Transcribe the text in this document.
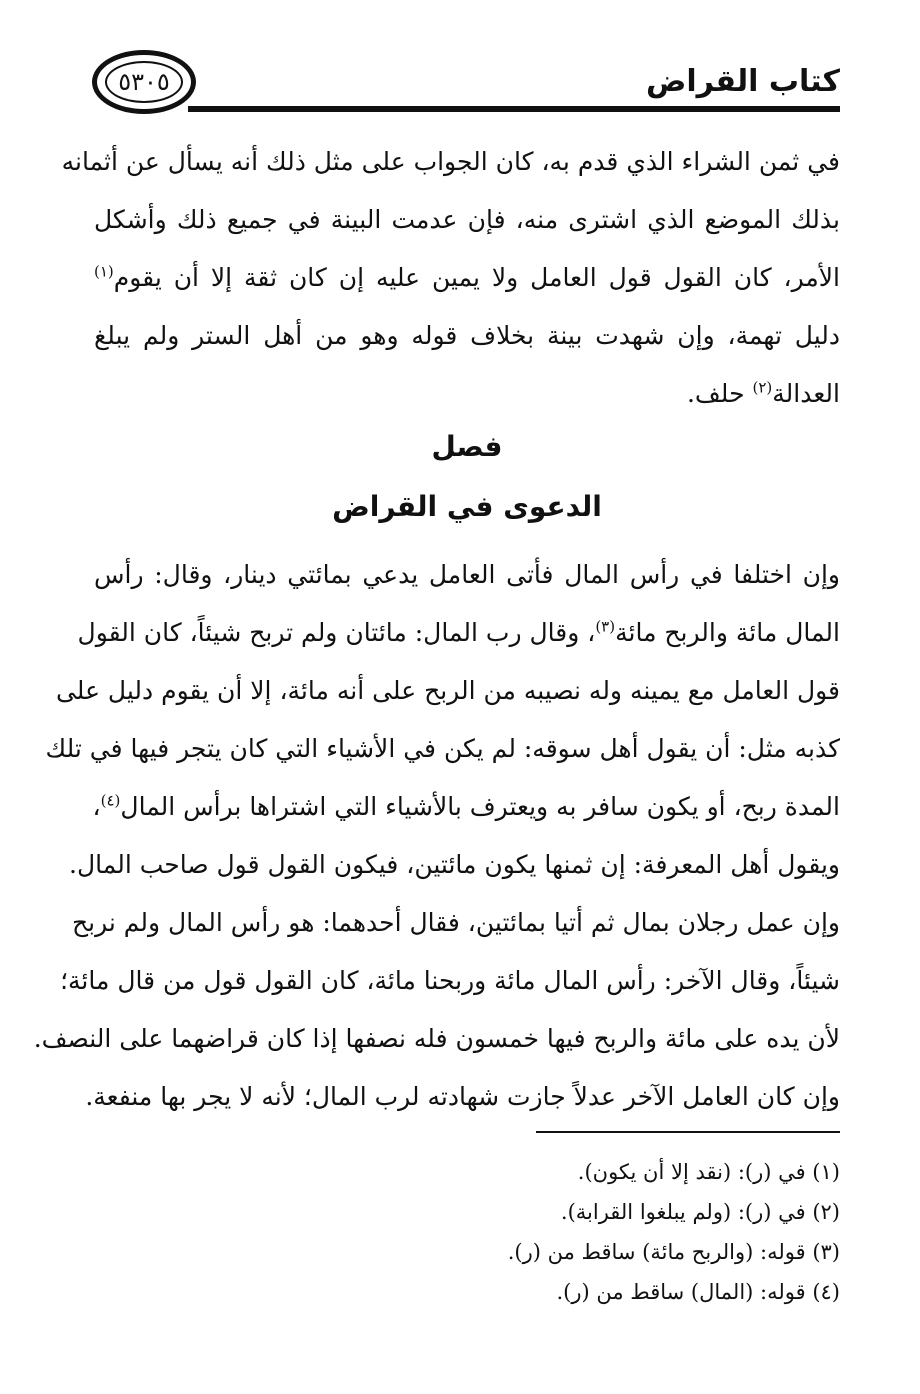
٥٣٠٥	كتاب القراض
في ثمن الشراء الذي قدم به، كان الجواب على مثل ذلك أنه يسأل عن أثمانه
بذلك الموضع الذي اشترى منه، فإن عدمت البينة في جميع ذلك وأشكل
الأمر، كان القول قول العامل ولا يمين عليه إن كان ثقة إلا أن يقوم$^{(١)}$
دليل تهمة، وإن شهدت بينة بخلاف قوله وهو من أهل الستر ولم يبلغ
العدالة$^{(٢)}$ حلف.
فصل
الدعوى في القراض
وإن اختلفا في رأس المال فأتى العامل يدعي بمائتي دينار، وقال: رأس
المال مائة والربح مائة$^{(٣)}$، وقال رب المال: مائتان ولم تربح شيئاً، كان القول
قول العامل مع يمينه وله نصيبه من الربح على أنه مائة، إلا أن يقوم دليل على
كذبه مثل: أن يقول أهل سوقه: لم يكن في الأشياء التي كان يتجر فيها في تلك
المدة ربح، أو يكون سافر به ويعترف بالأشياء التي اشتراها برأس المال$^{(٤)}$،
ويقول أهل المعرفة: إن ثمنها يكون مائتين، فيكون القول قول صاحب المال.
وإن عمل رجلان بمال ثم أتيا بمائتين، فقال أحدهما: هو رأس المال ولم نربح
شيئاً، وقال الآخر: رأس المال مائة وربحنا مائة، كان القول قول من قال مائة؛
لأن يده على مائة والربح فيها خمسون فله نصفها إذا كان قراضهما على النصف.
وإن كان العامل الآخر عدلاً جازت شهادته لرب المال؛ لأنه لا يجر بها منفعة.
(١) في (ر): (نقد إلا أن يكون).
(٢) في (ر): (ولم يبلغوا القرابة).
(٣) قوله: (والربح مائة) ساقط من (ر).
(٤) قوله: (المال) ساقط من (ر).
